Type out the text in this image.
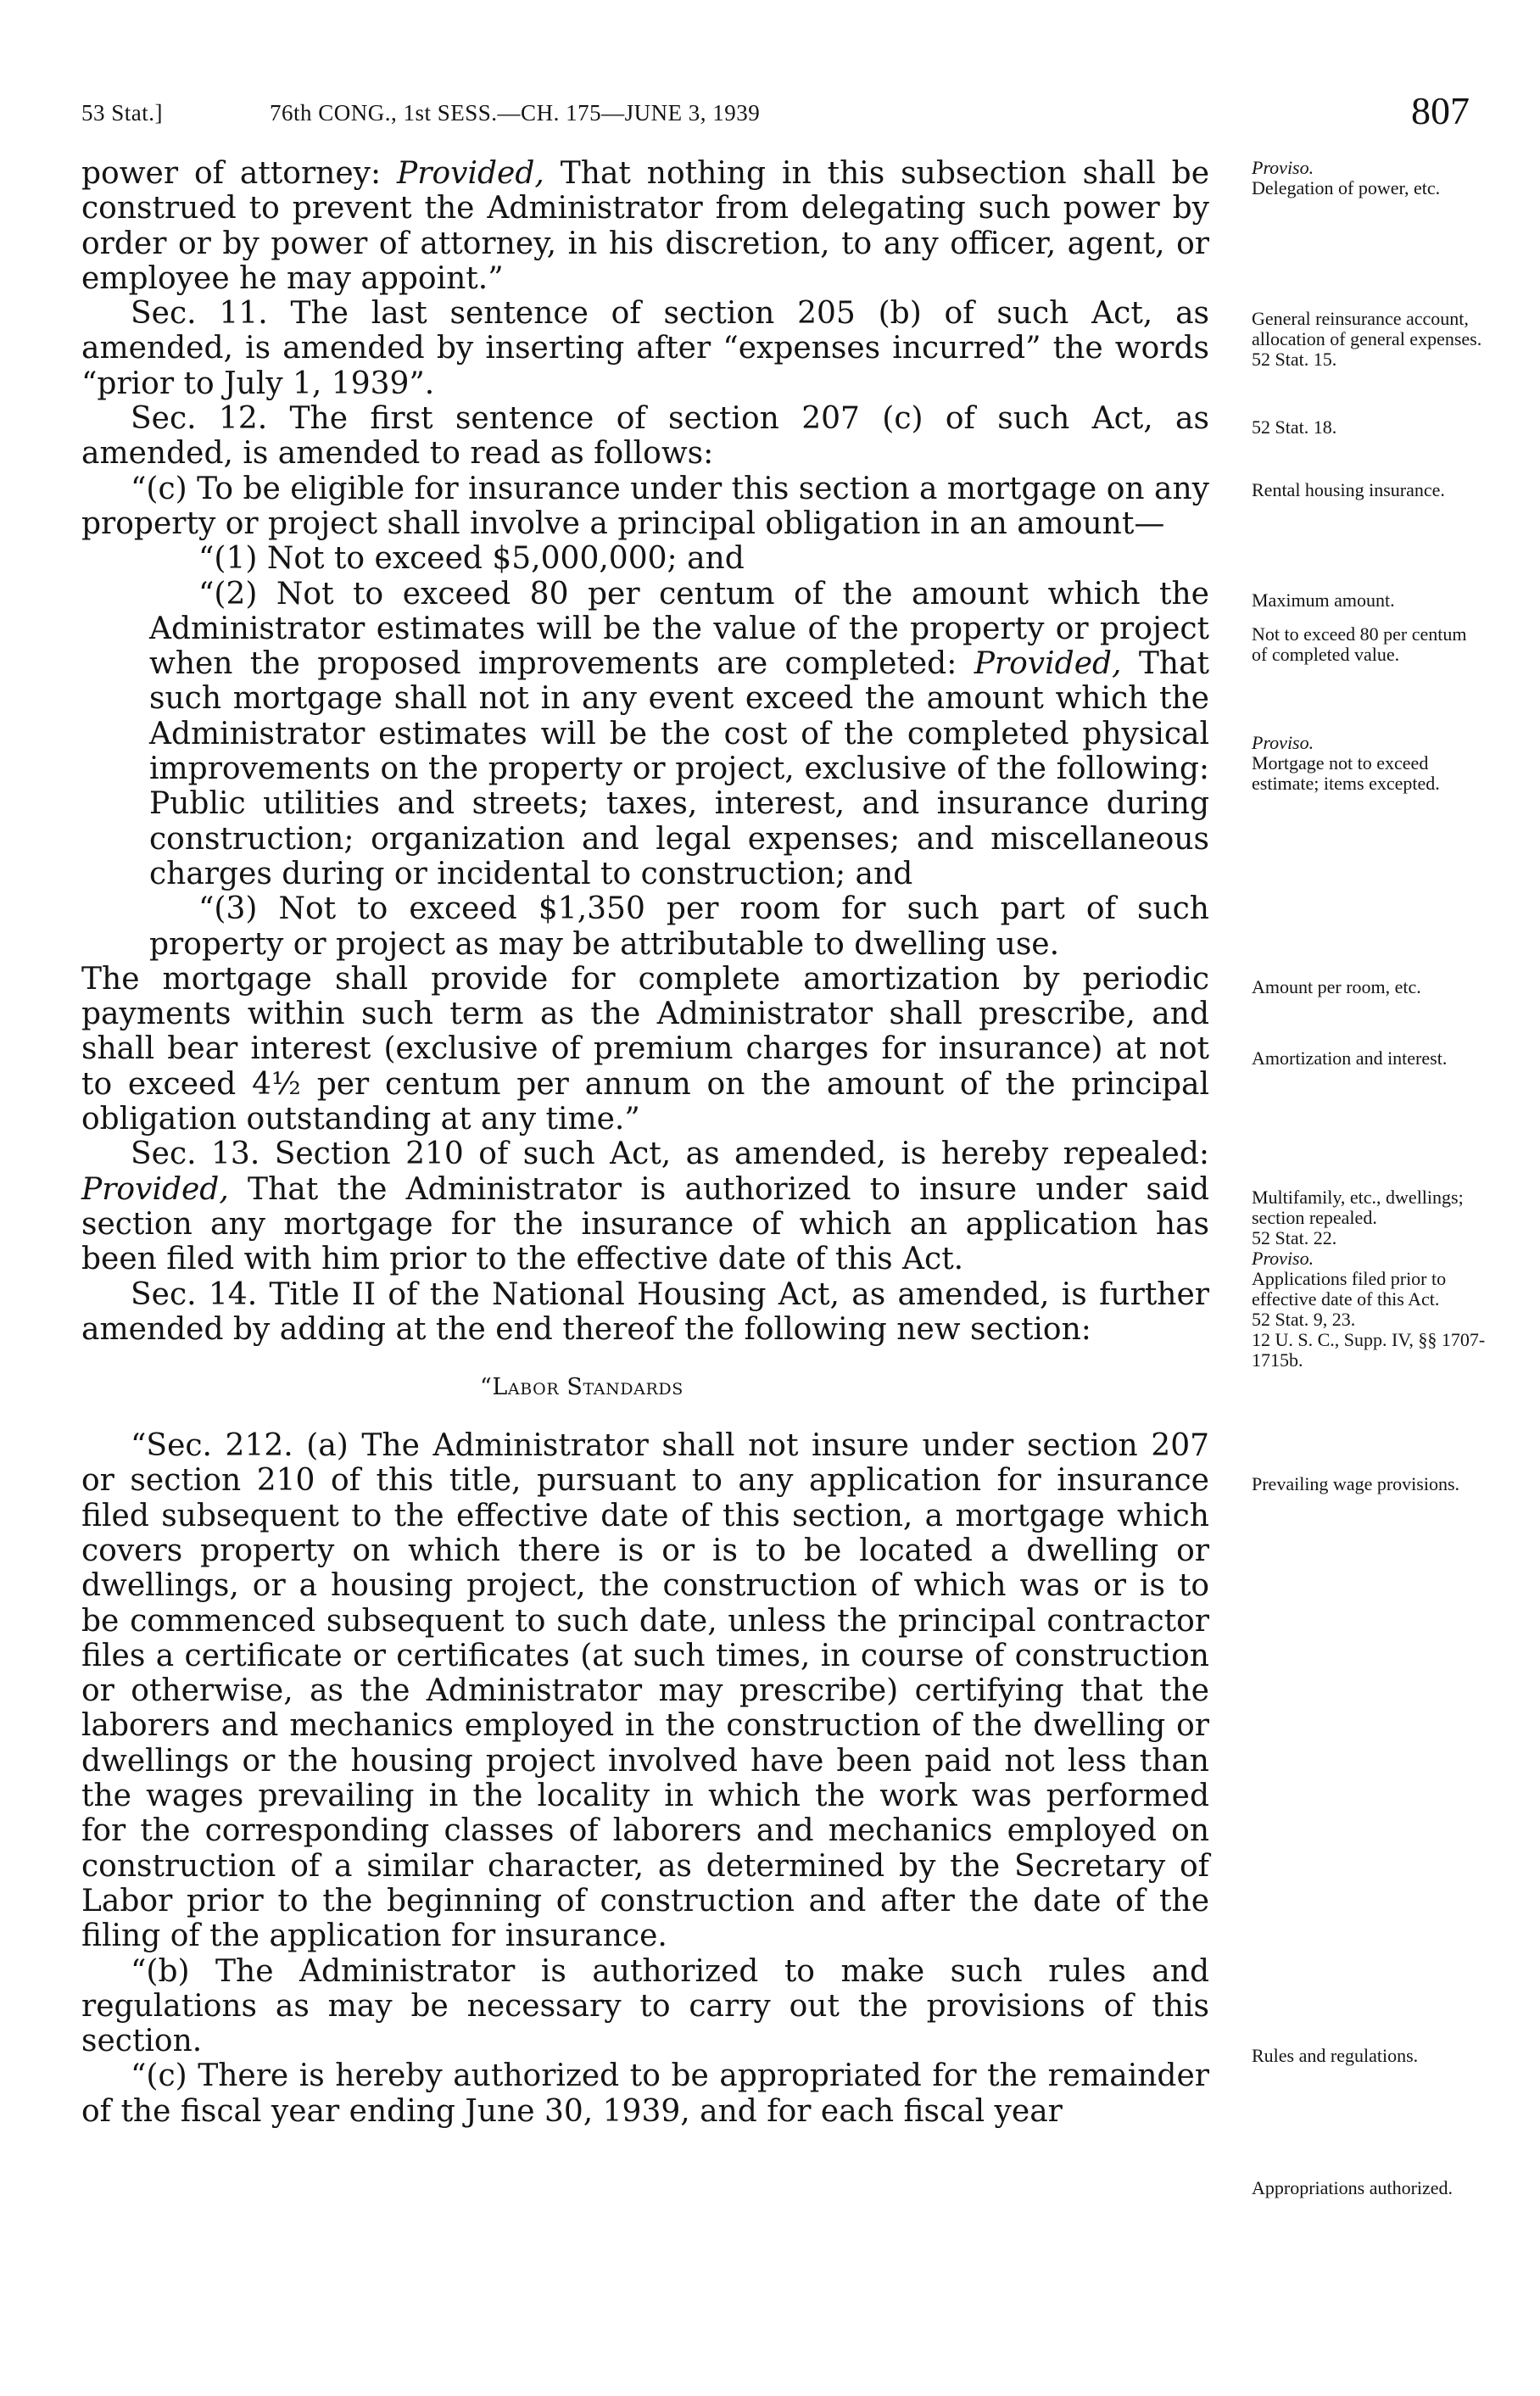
53 Stat.]	76th CONG., 1st SESS.—CH. 175—JUNE 3, 1939	807

power of attorney: Provided, That nothing in this subsection shall be construed to prevent the Administrator from delegating such power by order or by power of attorney, in his discretion, to any officer, agent, or employee he may appoint.”

Sec. 11. The last sentence of section 205 (b) of such Act, as amended, is amended by inserting after “expenses incurred” the words “prior to July 1, 1939”.

Sec. 12. The first sentence of section 207 (c) of such Act, as amended, is amended to read as follows:

“(c) To be eligible for insurance under this section a mortgage on any property or project shall involve a principal obligation in an amount—

“(1) Not to exceed $5,000,000; and

“(2) Not to exceed 80 per centum of the amount which the Administrator estimates will be the value of the property or project when the proposed improvements are completed: Provided, That such mortgage shall not in any event exceed the amount which the Administrator estimates will be the cost of the completed physical improvements on the property or project, exclusive of the following: Public utilities and streets; taxes, interest, and insurance during construction; organization and legal expenses; and miscellaneous charges during or incidental to construction; and

“(3) Not to exceed $1,350 per room for such part of such property or project as may be attributable to dwelling use.

The mortgage shall provide for complete amortization by periodic payments within such term as the Administrator shall prescribe, and shall bear interest (exclusive of premium charges for insurance) at not to exceed 4½ per centum per annum on the amount of the principal obligation outstanding at any time.”

Sec. 13. Section 210 of such Act, as amended, is hereby repealed: Provided, That the Administrator is authorized to insure under said section any mortgage for the insurance of which an application has been filed with him prior to the effective date of this Act.

Sec. 14. Title II of the National Housing Act, as amended, is further amended by adding at the end thereof the following new section:

“Labor Standards

“Sec. 212. (a) The Administrator shall not insure under section 207 or section 210 of this title, pursuant to any application for insurance filed subsequent to the effective date of this section, a mortgage which covers property on which there is or is to be located a dwelling or dwellings, or a housing project, the construction of which was or is to be commenced subsequent to such date, unless the principal contractor files a certificate or certificates (at such times, in course of construction or otherwise, as the Administrator may prescribe) certifying that the laborers and mechanics employed in the construction of the dwelling or dwellings or the housing project involved have been paid not less than the wages prevailing in the locality in which the work was performed for the corresponding classes of laborers and mechanics employed on construction of a similar character, as determined by the Secretary of Labor prior to the beginning of construction and after the date of the filing of the application for insurance.

“(b) The Administrator is authorized to make such rules and regulations as may be necessary to carry out the provisions of this section.

“(c) There is hereby authorized to be appropriated for the remainder of the fiscal year ending June 30, 1939, and for each fiscal year

Proviso.
Delegation of power, etc.
General reinsurance account, allocation of general expenses.
52 Stat. 15.
52 Stat. 18.
Rental housing insurance.
Maximum amount.
Not to exceed 80 per centum of completed value.
Proviso.
Mortgage not to exceed estimate; items excepted.
Amount per room, etc.
Amortization and interest.
Multifamily, etc., dwellings; section repealed.
52 Stat. 22.
Proviso.
Applications filed prior to effective date of this Act.
52 Stat. 9, 23.
12 U. S. C., Supp. IV, §§ 1707-1715b.
Prevailing wage provisions.
Rules and regulations.
Appropriations authorized.
